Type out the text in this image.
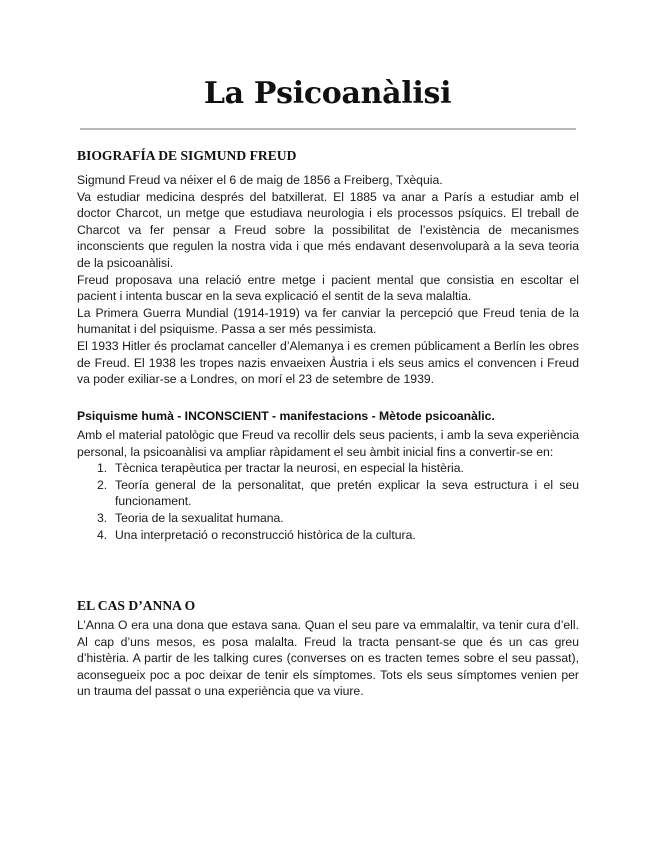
La Psicoanàlisi
BIOGRAFÍA DE SIGMUND FREUD

Sigmund Freud va néixer el 6 de maig de 1856 a Freiberg, Txèquia.

Va estudiar medicina després del batxillerat. El 1885 va anar a París a estudiar amb el doctor Charcot, un metge que estudiava neurologia i els processos psíquics. El treball de Charcot va fer pensar a Freud sobre la possibilitat de l’existència de mecanismes inconscients que regulen la nostra vida i que més endavant desenvoluparà a la seva teoria de la psicoanàlisi.

Freud proposava una relació entre metge i pacient mental que consistia en escoltar el pacient i intenta buscar en la seva explicació el sentit de la seva malaltia.

La Primera Guerra Mundial (1914-1919) va fer canviar la percepció que Freud tenia de la humanitat i del psiquisme. Passa a ser més pessimista.

El 1933 Hitler és proclamat canceller d’Alemanya i es cremen públicament a Berlín les obres de Freud. El 1938 les tropes nazis envaeixen Àustria i els seus amics el convencen i Freud va poder exiliar-se a Londres, on morí el 23 de setembre de 1939.

Psiquisme humà - INCONSCIENT - manifestacions - Mètode psicoanàlic.

Amb el material patològic que Freud va recollir dels seus pacients, i amb la seva experiència personal, la psicoanàlisi va ampliar ràpidament el seu àmbit inicial fins a convertir-se en:

1. Tècnica terapèutica per tractar la neurosi, en especial la histèria.
2. Teoría general de la personalitat, que pretén explicar la seva estructura i el seu funcionament.
3. Teoria de la sexualitat humana.
4. Una interpretació o reconstrucció històrica de la cultura.
EL CAS D’ANNA O

L’Anna O era una dona que estava sana. Quan el seu pare va emmalaltir, va tenir cura d’ell. Al cap d’uns mesos, es posa malalta. Freud la tracta pensant-se que és un cas greu d’histèria. A partir de les talking cures (converses on es tracten temes sobre el seu passat), aconsegueix poc a poc deixar de tenir els símptomes. Tots els seus símptomes venien per un trauma del passat o una experiència que va viure.
